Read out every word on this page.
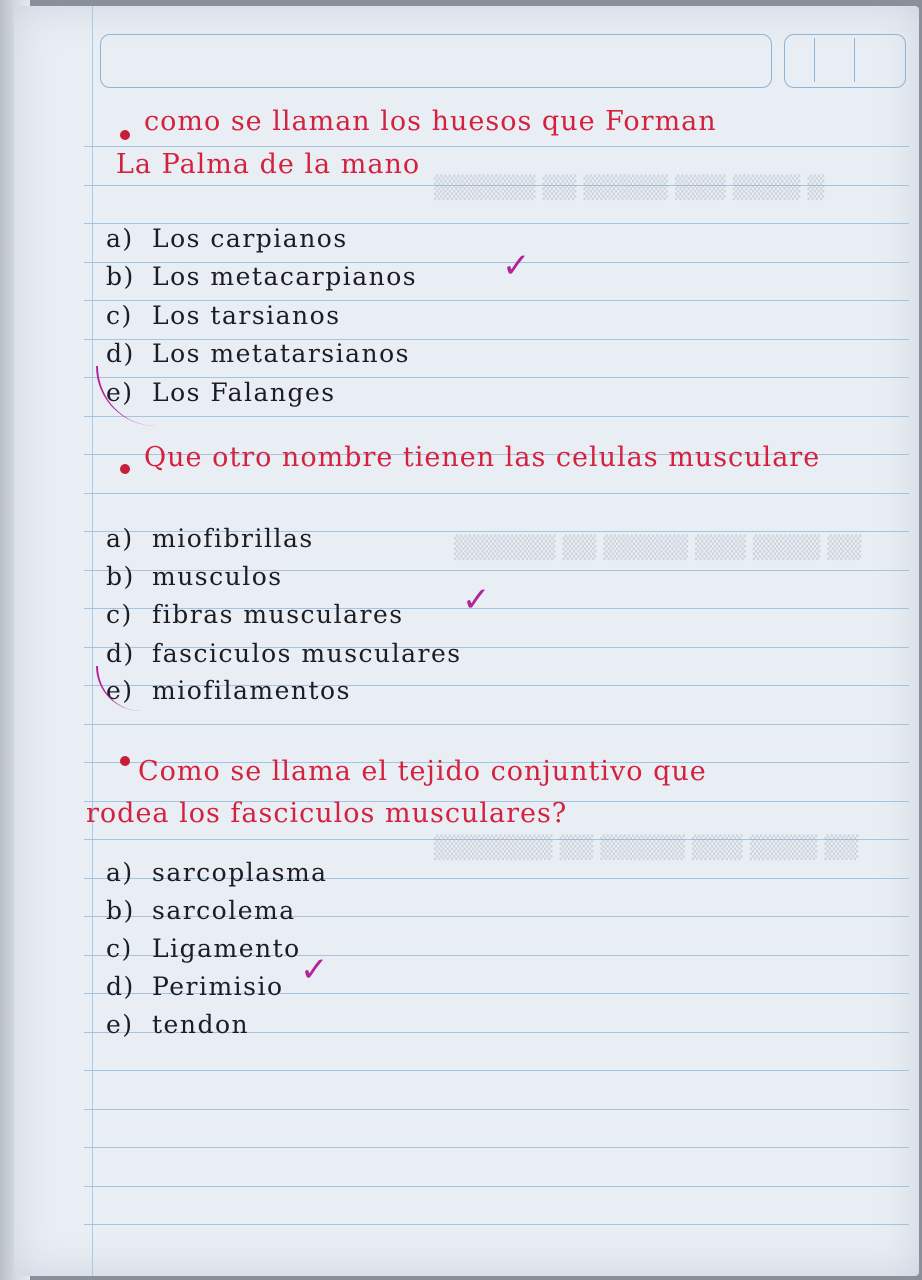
▒ ▒▒▒▒ ▒▒▒ ▒▒▒▒▒ ▒▒ ▒▒▒▒▒▒
▒▒ ▒▒▒▒ ▒▒▒ ▒▒▒▒▒ ▒▒ ▒▒▒▒▒▒
▒▒ ▒▒▒▒ ▒▒▒ ▒▒▒▒▒ ▒▒ ▒▒▒▒▒▒▒
como se llaman los huesos que Forman
La Palma de la mano
a) Los carpianos
b) Los metacarpianos ✓
c) Los tarsianos
d) Los metatarsianos
e) Los Falanges
Que otro nombre tienen las celulas musculare
a) miofibrillas
b) musculos
c) fibras musculares ✓
d) fasciculos musculares
e) miofilamentos
Como se llama el tejido conjuntivo que
rodea los fasciculos musculares?
a) sarcoplasma
b) sarcolema
c) Ligamento
d) Perimisio ✓
e) tendon
